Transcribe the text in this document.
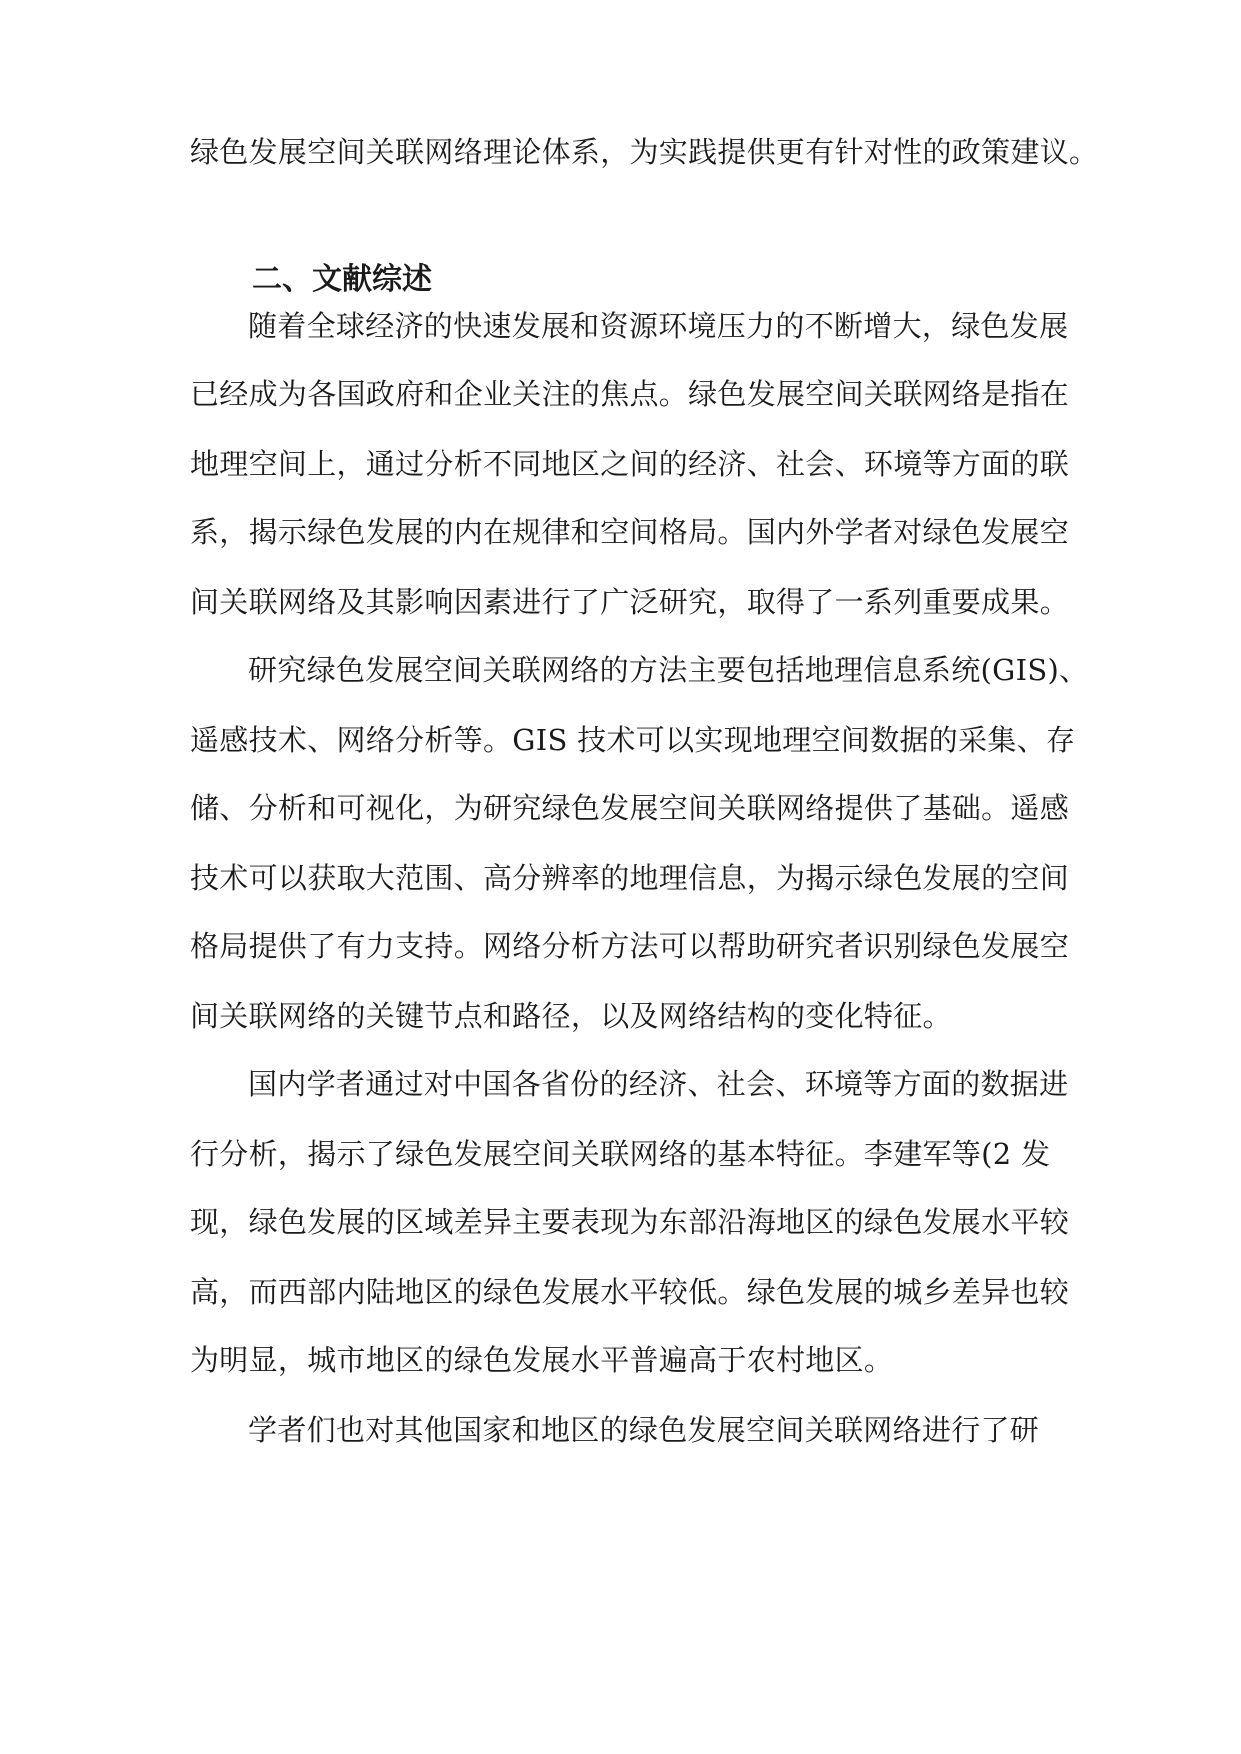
绿色发展空间关联网络理论体系，为实践提供更有针对性的政策建议。
二、文献综述
随着全球经济的快速发展和资源环境压力的不断增大，绿色发展
已经成为各国政府和企业关注的焦点。绿色发展空间关联网络是指在
地理空间上，通过分析不同地区之间的经济、社会、环境等方面的联
系，揭示绿色发展的内在规律和空间格局。国内外学者对绿色发展空
间关联网络及其影响因素进行了广泛研究，取得了一系列重要成果。
研究绿色发展空间关联网络的方法主要包括地理信息系统(GIS)、
遥感技术、网络分析等。GIS 技术可以实现地理空间数据的采集、存
储、分析和可视化，为研究绿色发展空间关联网络提供了基础。遥感
技术可以获取大范围、高分辨率的地理信息，为揭示绿色发展的空间
格局提供了有力支持。网络分析方法可以帮助研究者识别绿色发展空
间关联网络的关键节点和路径，以及网络结构的变化特征。
国内学者通过对中国各省份的经济、社会、环境等方面的数据进
行分析，揭示了绿色发展空间关联网络的基本特征。李建军等(2 发
现，绿色发展的区域差异主要表现为东部沿海地区的绿色发展水平较
高，而西部内陆地区的绿色发展水平较低。绿色发展的城乡差异也较
为明显，城市地区的绿色发展水平普遍高于农村地区。
学者们也对其他国家和地区的绿色发展空间关联网络进行了研
